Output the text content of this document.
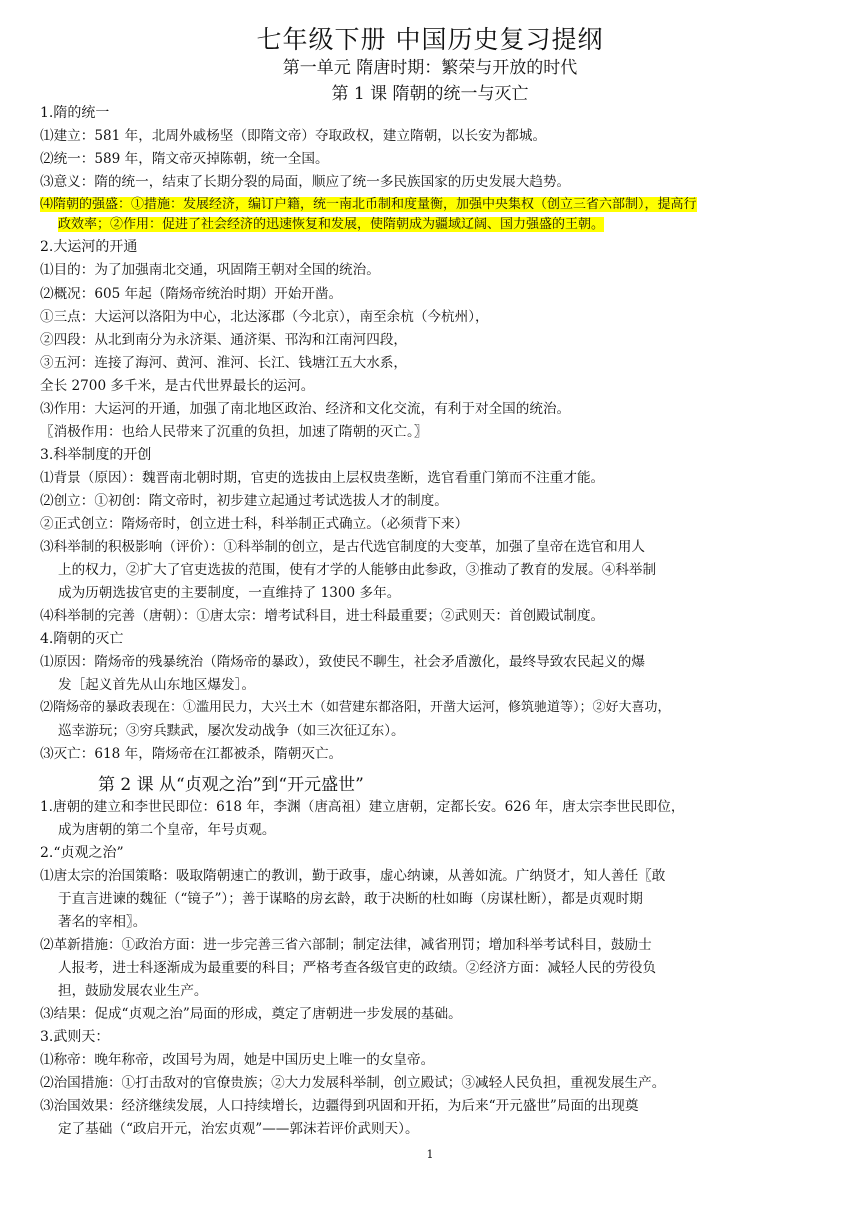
七年级下册 中国历史复习提纲
第一单元 隋唐时期：繁荣与开放的时代
第 1 课 隋朝的统一与灭亡
1.隋的统一
⑴建立：581 年，北周外戚杨坚（即隋文帝）夺取政权，建立隋朝，以长安为都城。
⑵统一：589 年，隋文帝灭掉陈朝，统一全国。
⑶意义：隋的统一，结束了长期分裂的局面，顺应了统一多民族国家的历史发展大趋势。
⑷隋朝的强盛：①措施：发展经济，编订户籍，统一南北币制和度量衡，加强中央集权（创立三省六部制），提高行
政效率；②作用：促进了社会经济的迅速恢复和发展，使隋朝成为疆域辽阔、国力强盛的王朝。
2.大运河的开通
⑴目的：为了加强南北交通，巩固隋王朝对全国的统治。
⑵概况：605 年起（隋炀帝统治时期）开始开凿。
①三点：大运河以洛阳为中心，北达涿郡（今北京），南至余杭（今杭州），
②四段：从北到南分为永济渠、通济渠、邗沟和江南河四段，
③五河：连接了海河、黄河、淮河、长江、钱塘江五大水系，
全长 2700 多千米，是古代世界最长的运河。
⑶作用：大运河的开通，加强了南北地区政治、经济和文化交流，有利于对全国的统治。
〖消极作用：也给人民带来了沉重的负担，加速了隋朝的灭亡。〗
3.科举制度的开创
⑴背景（原因）：魏晋南北朝时期，官吏的选拔由上层权贵垄断，选官看重门第而不注重才能。
⑵创立：①初创：隋文帝时，初步建立起通过考试选拔人才的制度。
②正式创立：隋炀帝时，创立进士科，科举制正式确立。（必须背下来）
⑶科举制的积极影响（评价）：①科举制的创立，是古代选官制度的大变革，加强了皇帝在选官和用人
上的权力，②扩大了官吏选拔的范围，使有才学的人能够由此参政，③推动了教育的发展。④科举制
成为历朝选拔官吏的主要制度，一直维持了 1300 多年。
⑷科举制的完善（唐朝）：①唐太宗：增考试科目，进士科最重要；②武则天：首创殿试制度。
4.隋朝的灭亡
⑴原因：隋炀帝的残暴统治（隋炀帝的暴政），致使民不聊生，社会矛盾激化，最终导致农民起义的爆
发［起义首先从山东地区爆发］。
⑵隋炀帝的暴政表现在：①滥用民力，大兴土木（如营建东都洛阳，开凿大运河，修筑驰道等）；②好大喜功，
巡幸游玩；③穷兵黩武，屡次发动战争（如三次征辽东）。
⑶灭亡：618 年，隋炀帝在江都被杀，隋朝灭亡。
第 2 课 从“贞观之治”到“开元盛世”
1.唐朝的建立和李世民即位：618 年，李渊（唐高祖）建立唐朝，定都长安。626 年，唐太宗李世民即位，
成为唐朝的第二个皇帝，年号贞观。
2.“贞观之治”
⑴唐太宗的治国策略：吸取隋朝速亡的教训，勤于政事，虚心纳谏，从善如流。广纳贤才，知人善任〖敢
于直言进谏的魏征（“镜子”）；善于谋略的房玄龄，敢于决断的杜如晦（房谋杜断），都是贞观时期
著名的宰相〗。
⑵革新措施：①政治方面：进一步完善三省六部制；制定法律，减省刑罚；增加科举考试科目，鼓励士
人报考，进士科逐渐成为最重要的科目；严格考查各级官吏的政绩。②经济方面：减轻人民的劳役负
担，鼓励发展农业生产。
⑶结果：促成“贞观之治”局面的形成，奠定了唐朝进一步发展的基础。
3.武则天：
⑴称帝：晚年称帝，改国号为周，她是中国历史上唯一的女皇帝。
⑵治国措施：①打击敌对的官僚贵族；②大力发展科举制，创立殿试；③减轻人民负担，重视发展生产。
⑶治国效果：经济继续发展，人口持续增长，边疆得到巩固和开拓，为后来“开元盛世”局面的出现奠
定了基础（“政启开元，治宏贞观”——郭沫若评价武则天）。
1
